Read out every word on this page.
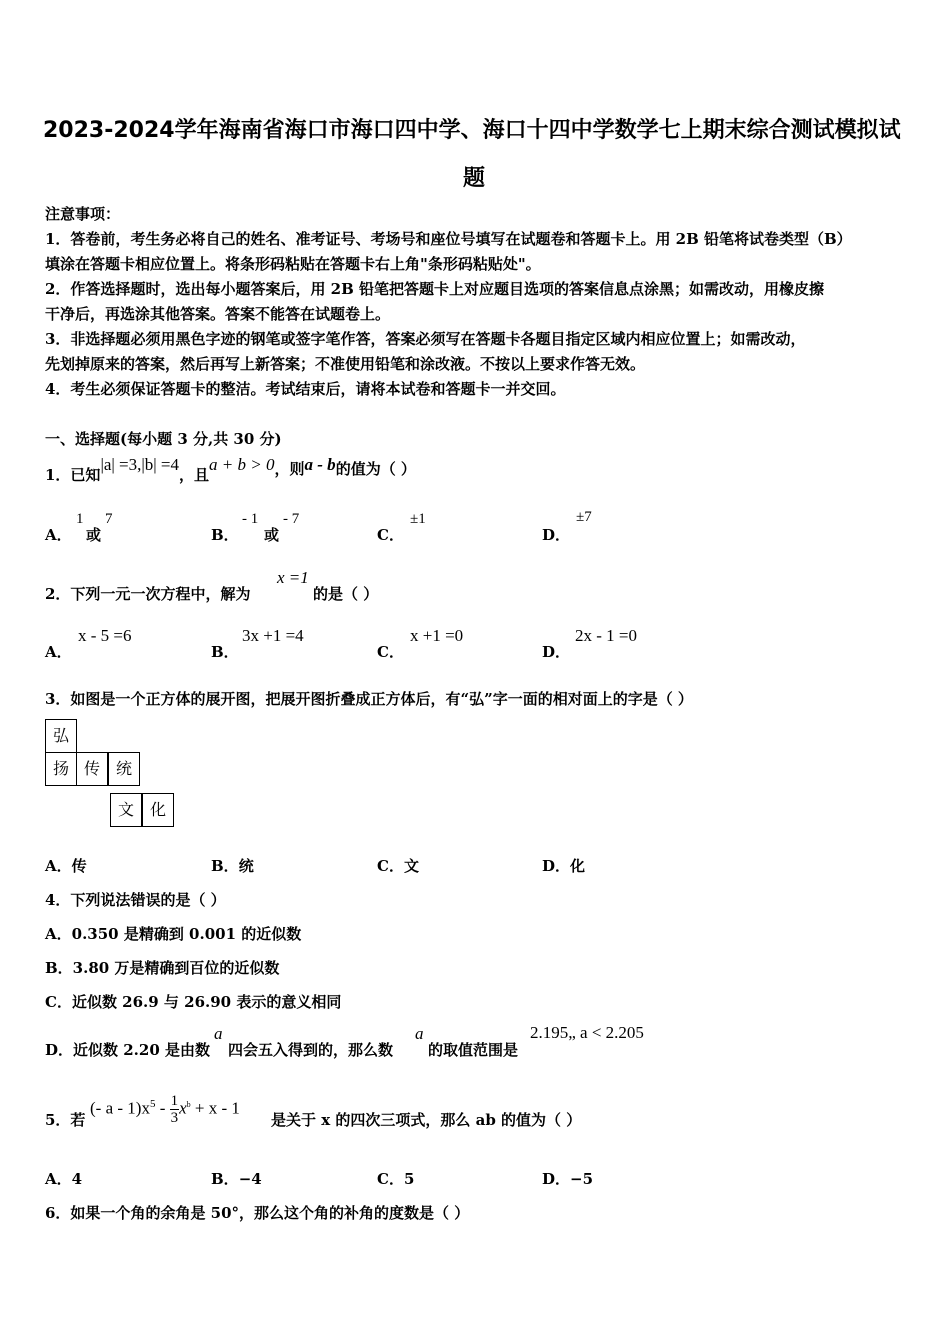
2023-2024学年海南省海口市海口四中学、海口十四中学数学七上期末综合测试模拟试
题
注意事项：
1．答卷前，考生务必将自己的姓名、准考证号、考场号和座位号填写在试题卷和答题卡上。用 2B 铅笔将试卷类型（B）
填涂在答题卡相应位置上。将条形码粘贴在答题卡右上角"条形码粘贴处"。
2．作答选择题时，选出每小题答案后，用 2B 铅笔把答题卡上对应题目选项的答案信息点涂黑；如需改动，用橡皮擦
干净后，再选涂其他答案。答案不能答在试题卷上。
3．非选择题必须用黑色字迹的钢笔或签字笔作答，答案必须写在答题卡各题目指定区域内相应位置上；如需改动，
先划掉原来的答案，然后再写上新答案；不准使用铅笔和涂改液。不按以上要求作答无效。
4．考生必须保证答题卡的整洁。考试结束后，请将本试卷和答题卡一并交回。
一、选择题(每小题 3 分,共 30 分)
1．已知|a| =3,|b| =4，且a + b > 0，则a - b的值为（ ）
A．
1
或
7
B．
- 1
或
- 7
C．
±1
D．
±7
2．下列一元一次方程中，解为
x =1
的是（ ）
A．
x - 5 =6
B．
3x +1 =4
C．
x +1 =0
D．
2x - 1 =0
3．如图是一个正方体的展开图，把展开图折叠成正方体后，有“弘”字一面的相对面上的字是（ ）
弘
扬 传 统
文 化
A．传	B．统	C．文	D．化
4．下列说法错误的是（ ）
A．0.350 是精确到 0.001 的近似数
B．3.80 万是精确到百位的近似数
C．近似数 26.9 与 26.90 表示的意义相同
D．近似数 2.20 是由数
a
四会五入得到的，那么数
a
的取值范围是
2.195„ a < 2.205
5．若
(- $a - 1)x^5 - \frac{1}{3} x^b + x - 1$
是关于 x 的四次三项式，那么 ab 的值为（ ）
A．4	B．−4	C．5	D．−5
6．如果一个角的余角是 50°，那么这个角的补角的度数是（ ）
